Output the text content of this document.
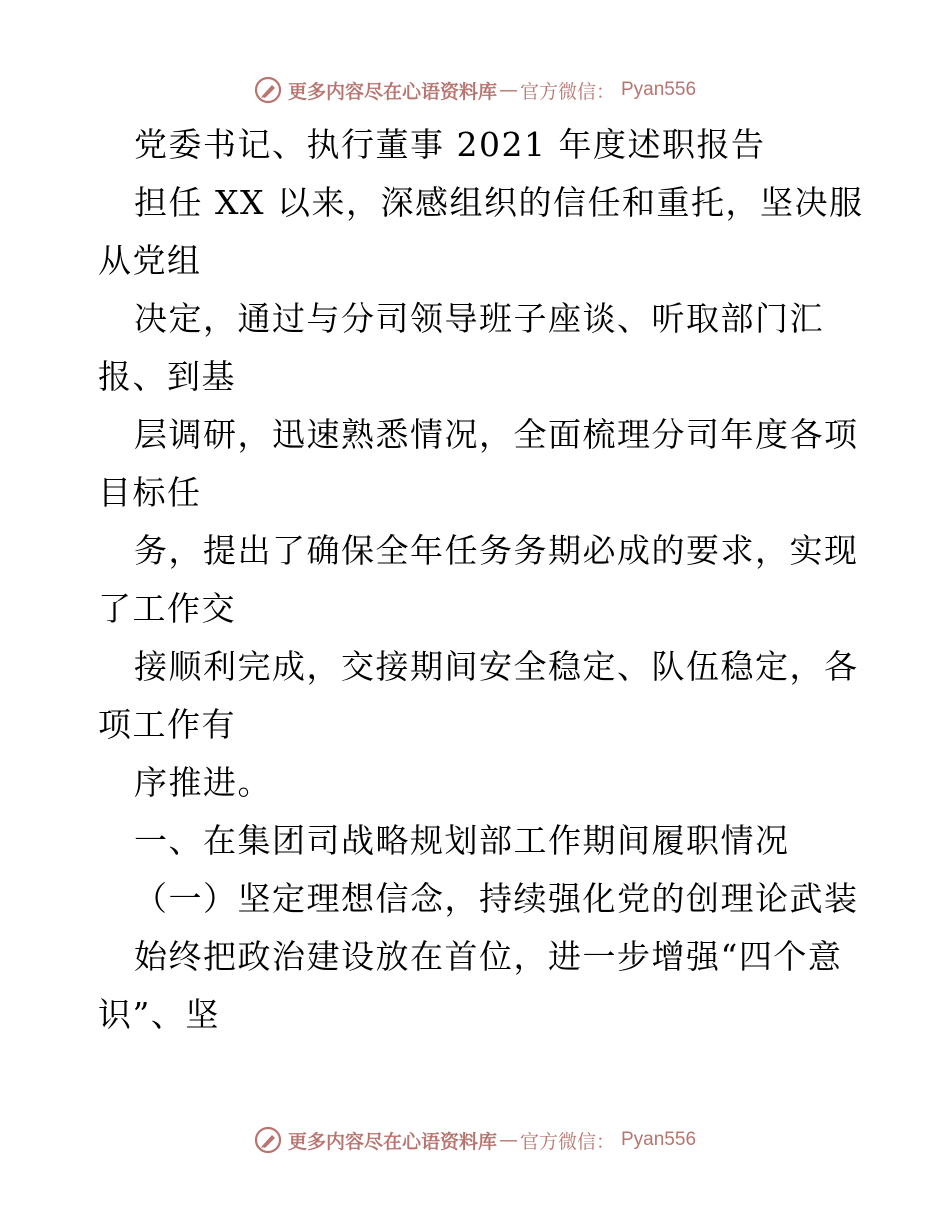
更多内容尽在心语资料库 — 官方微信： Pyan556
党委书记、执行董事 2021 年度述职报告
担任 XX 以来，深感组织的信任和重托，坚决服
从党组
决定，通过与分司领导班子座谈、听取部门汇
报、到基
层调研，迅速熟悉情况，全面梳理分司年度各项
目标任
务，提出了确保全年任务务期必成的要求，实现
了工作交
接顺利完成，交接期间安全稳定、队伍稳定，各
项工作有
序推进。
一、在集团司战略规划部工作期间履职情况
（一）坚定理想信念，持续强化党的创理论武装
始终把政治建设放在首位，进一步增强“四个意
识”、坚
更多内容尽在心语资料库 — 官方微信： Pyan556
